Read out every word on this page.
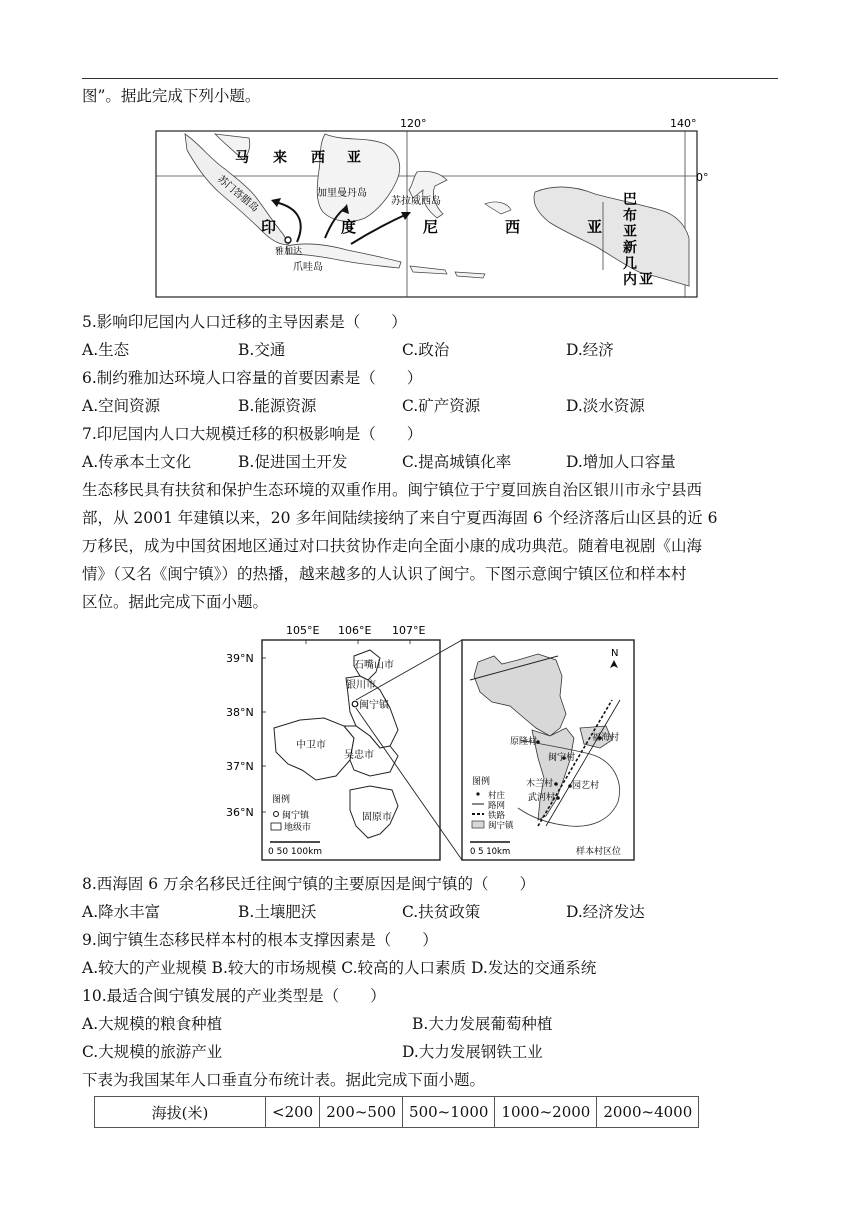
图”。据此完成下列小题。
120°	140°
0°
马 来 西 亚
苏门答腊岛	加里曼丹岛
苏拉威西岛
雅加达
爪哇岛
印	度	尼	西	亚
巴
布
亚
新
几
内 亚
5.影响印尼国内人口迁移的主导因素是（　　）
A.生态	B.交通	C.政治	D.经济
6.制约雅加达环境人口容量的首要因素是（　　）
A.空间资源	B.能源资源	C.矿产资源	D.淡水资源
7.印尼国内人口大规模迁移的积极影响是（　　）
A.传承本土文化	B.促进国土开发	C.提高城镇化率	D.增加人口容量
生态移民具有扶贫和保护生态环境的双重作用。闽宁镇位于宁夏回族自治区银川市永宁县西
部，从 2001 年建镇以来，20 多年间陆续接纳了来自宁夏西海固 6 个经济落后山区县的近 6
万移民，成为中国贫困地区通过对口扶贫协作走向全面小康的成功典范。随着电视剧《山海
情》（又名《闽宁镇》）的热播，越来越多的人认识了闽宁。下图示意闽宁镇区位和样本村
区位。据此完成下面小题。
105°E 106°E 107°E
39°N
38°N
37°N
36°N
石嘴山市
银川市
闽宁镇
中卫市
吴忠市
固原市
图例
闽宁镇
地级市
0 50 100km
N
原隆村	福海村
闽宁村
木兰村 园艺村
武河村
图例
村庄
路网
铁路
闽宁镇
0 5 10km	样本村区位
8.西海固 6 万余名移民迁往闽宁镇的主要原因是闽宁镇的（　　）
A.降水丰富	B.土壤肥沃	C.扶贫政策	D.经济发达
9.闽宁镇生态移民样本村的根本支撑因素是（　　）
A.较大的产业规模 B.较大的市场规模 C.较高的人口素质 D.发达的交通系统
10.最适合闽宁镇发展的产业类型是（　　）
A.大规模的粮食种植	B.大力发展葡萄种植
C.大规模的旅游产业	D.大力发展钢铁工业
下表为我国某年人口垂直分布统计表。据此完成下面小题。
海拔(米)	<200	200~500	500~1000	1000~2000	2000~4000
